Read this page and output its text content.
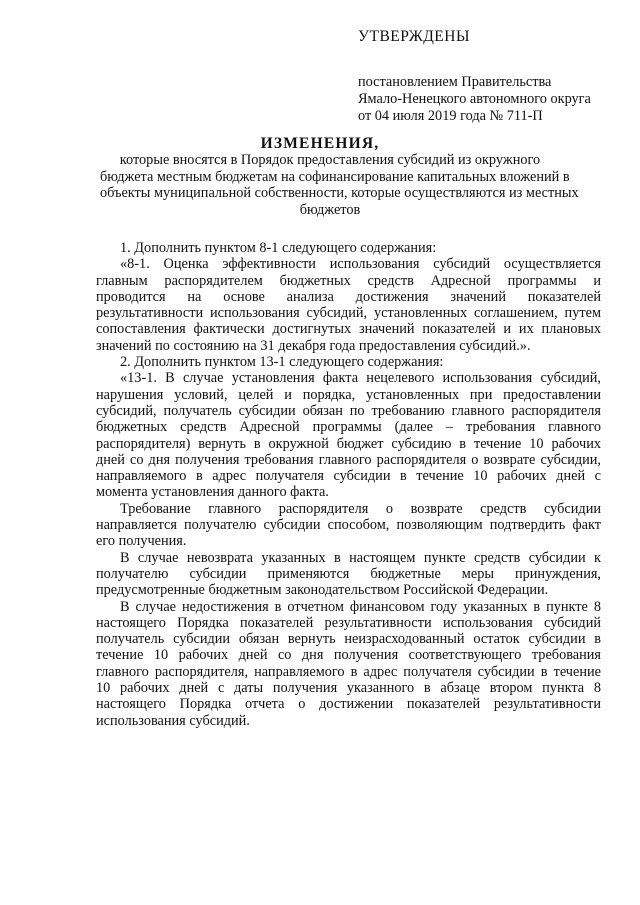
УТВЕРЖДЕНЫ
постановлением Правительства
Ямало-Ненецкого автономного округа
от 04 июля 2019 года № 711-П
ИЗМЕНЕНИЯ,
которые вносятся в Порядок предоставления субсидий из окружного
бюджета местным бюджетам на софинансирование капитальных вложений в
объекты муниципальной собственности, которые осуществляются из местных
бюджетов
1. Дополнить пунктом 8-1 следующего содержания:
«8-1. Оценка эффективности использования субсидий осуществляется
главным распорядителем бюджетных средств Адресной программы и
проводится на основе анализа достижения значений показателей
результативности использования субсидий, установленных соглашением, путем
сопоставления фактически достигнутых значений показателей и их плановых
значений по состоянию на 31 декабря года предоставления субсидий.».
2. Дополнить пунктом 13-1 следующего содержания:
«13-1. В случае установления факта нецелевого использования субсидий,
нарушения условий, целей и порядка, установленных при предоставлении
субсидий, получатель субсидии обязан по требованию главного распорядителя
бюджетных средств Адресной программы (далее – требования главного
распорядителя) вернуть в окружной бюджет субсидию в течение 10 рабочих
дней со дня получения требования главного распорядителя о возврате субсидии,
направляемого в адрес получателя субсидии в течение 10 рабочих дней с
момента установления данного факта.
Требование главного распорядителя о возврате средств субсидии
направляется получателю субсидии способом, позволяющим подтвердить факт
его получения.
В случае невозврата указанных в настоящем пункте средств субсидии к
получателю субсидии применяются бюджетные меры принуждения,
предусмотренные бюджетным законодательством Российской Федерации.
В случае недостижения в отчетном финансовом году указанных в пункте 8
настоящего Порядка показателей результативности использования субсидий
получатель субсидии обязан вернуть неизрасходованный остаток субсидии в
течение 10 рабочих дней со дня получения соответствующего требования
главного распорядителя, направляемого в адрес получателя субсидии в течение
10 рабочих дней с даты получения указанного в абзаце втором пункта 8
настоящего Порядка отчета о достижении показателей результативности
использования субсидий.
